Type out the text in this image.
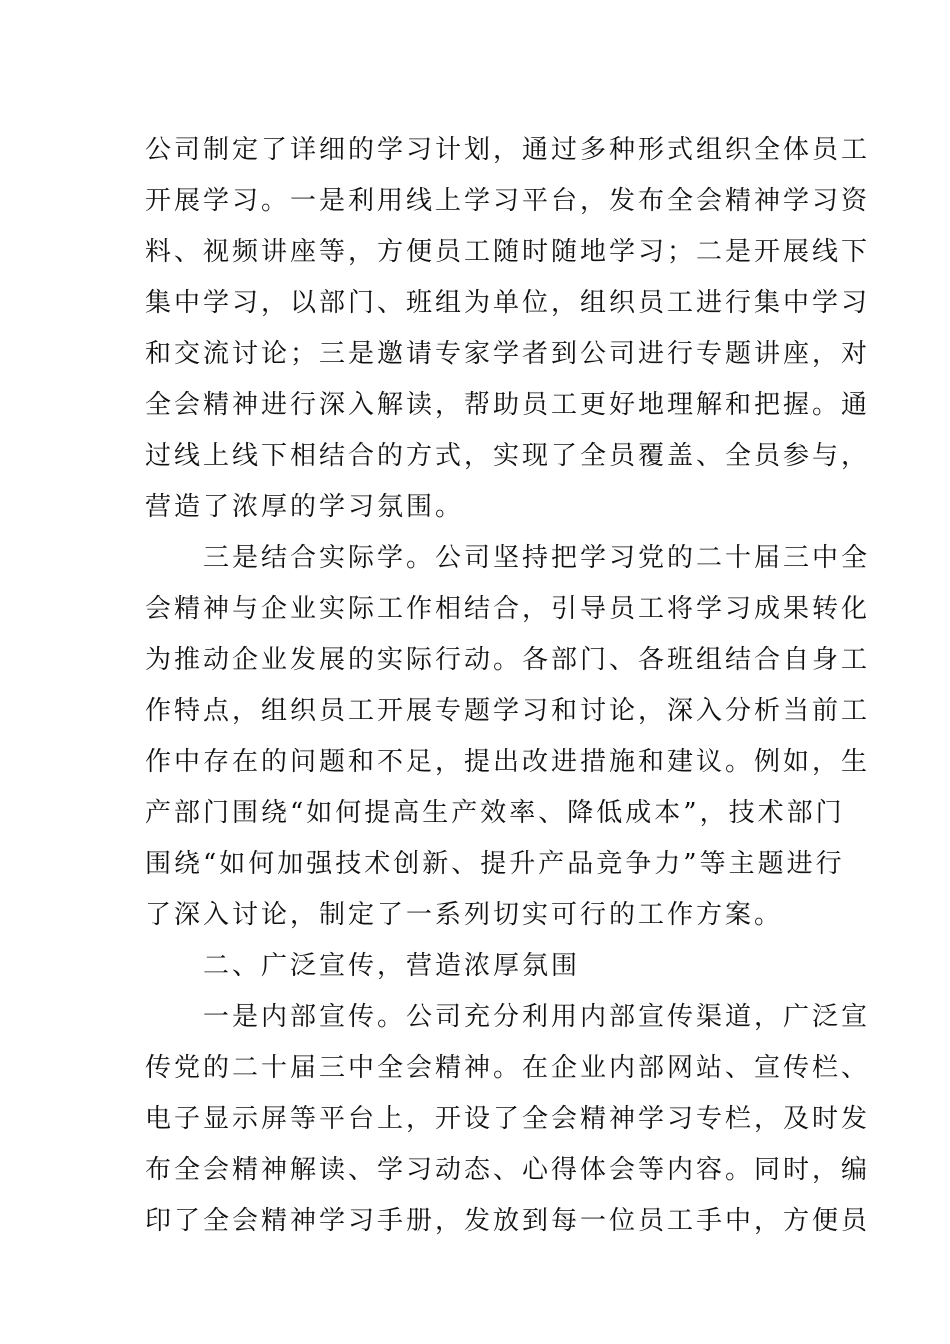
公司制定了详细的学习计划，通过多种形式组织全体员工
开展学习。一是利用线上学习平台，发布全会精神学习资
料、视频讲座等，方便员工随时随地学习；二是开展线下
集中学习，以部门、班组为单位，组织员工进行集中学习
和交流讨论；三是邀请专家学者到公司进行专题讲座，对
全会精神进行深入解读，帮助员工更好地理解和把握。通
过线上线下相结合的方式，实现了全员覆盖、全员参与，
营造了浓厚的学习氛围。
　　三是结合实际学。公司坚持把学习党的二十届三中全
会精神与企业实际工作相结合，引导员工将学习成果转化
为推动企业发展的实际行动。各部门、各班组结合自身工
作特点，组织员工开展专题学习和讨论，深入分析当前工
作中存在的问题和不足，提出改进措施和建议。例如，生
产部门围绕“如何提高生产效率、降低成本”，技术部门
围绕“如何加强技术创新、提升产品竞争力”等主题进行
了深入讨论，制定了一系列切实可行的工作方案。
　　二、广泛宣传，营造浓厚氛围
　　一是内部宣传。公司充分利用内部宣传渠道，广泛宣
传党的二十届三中全会精神。在企业内部网站、宣传栏、
电子显示屏等平台上，开设了全会精神学习专栏，及时发
布全会精神解读、学习动态、心得体会等内容。同时，编
印了全会精神学习手册，发放到每一位员工手中，方便员
